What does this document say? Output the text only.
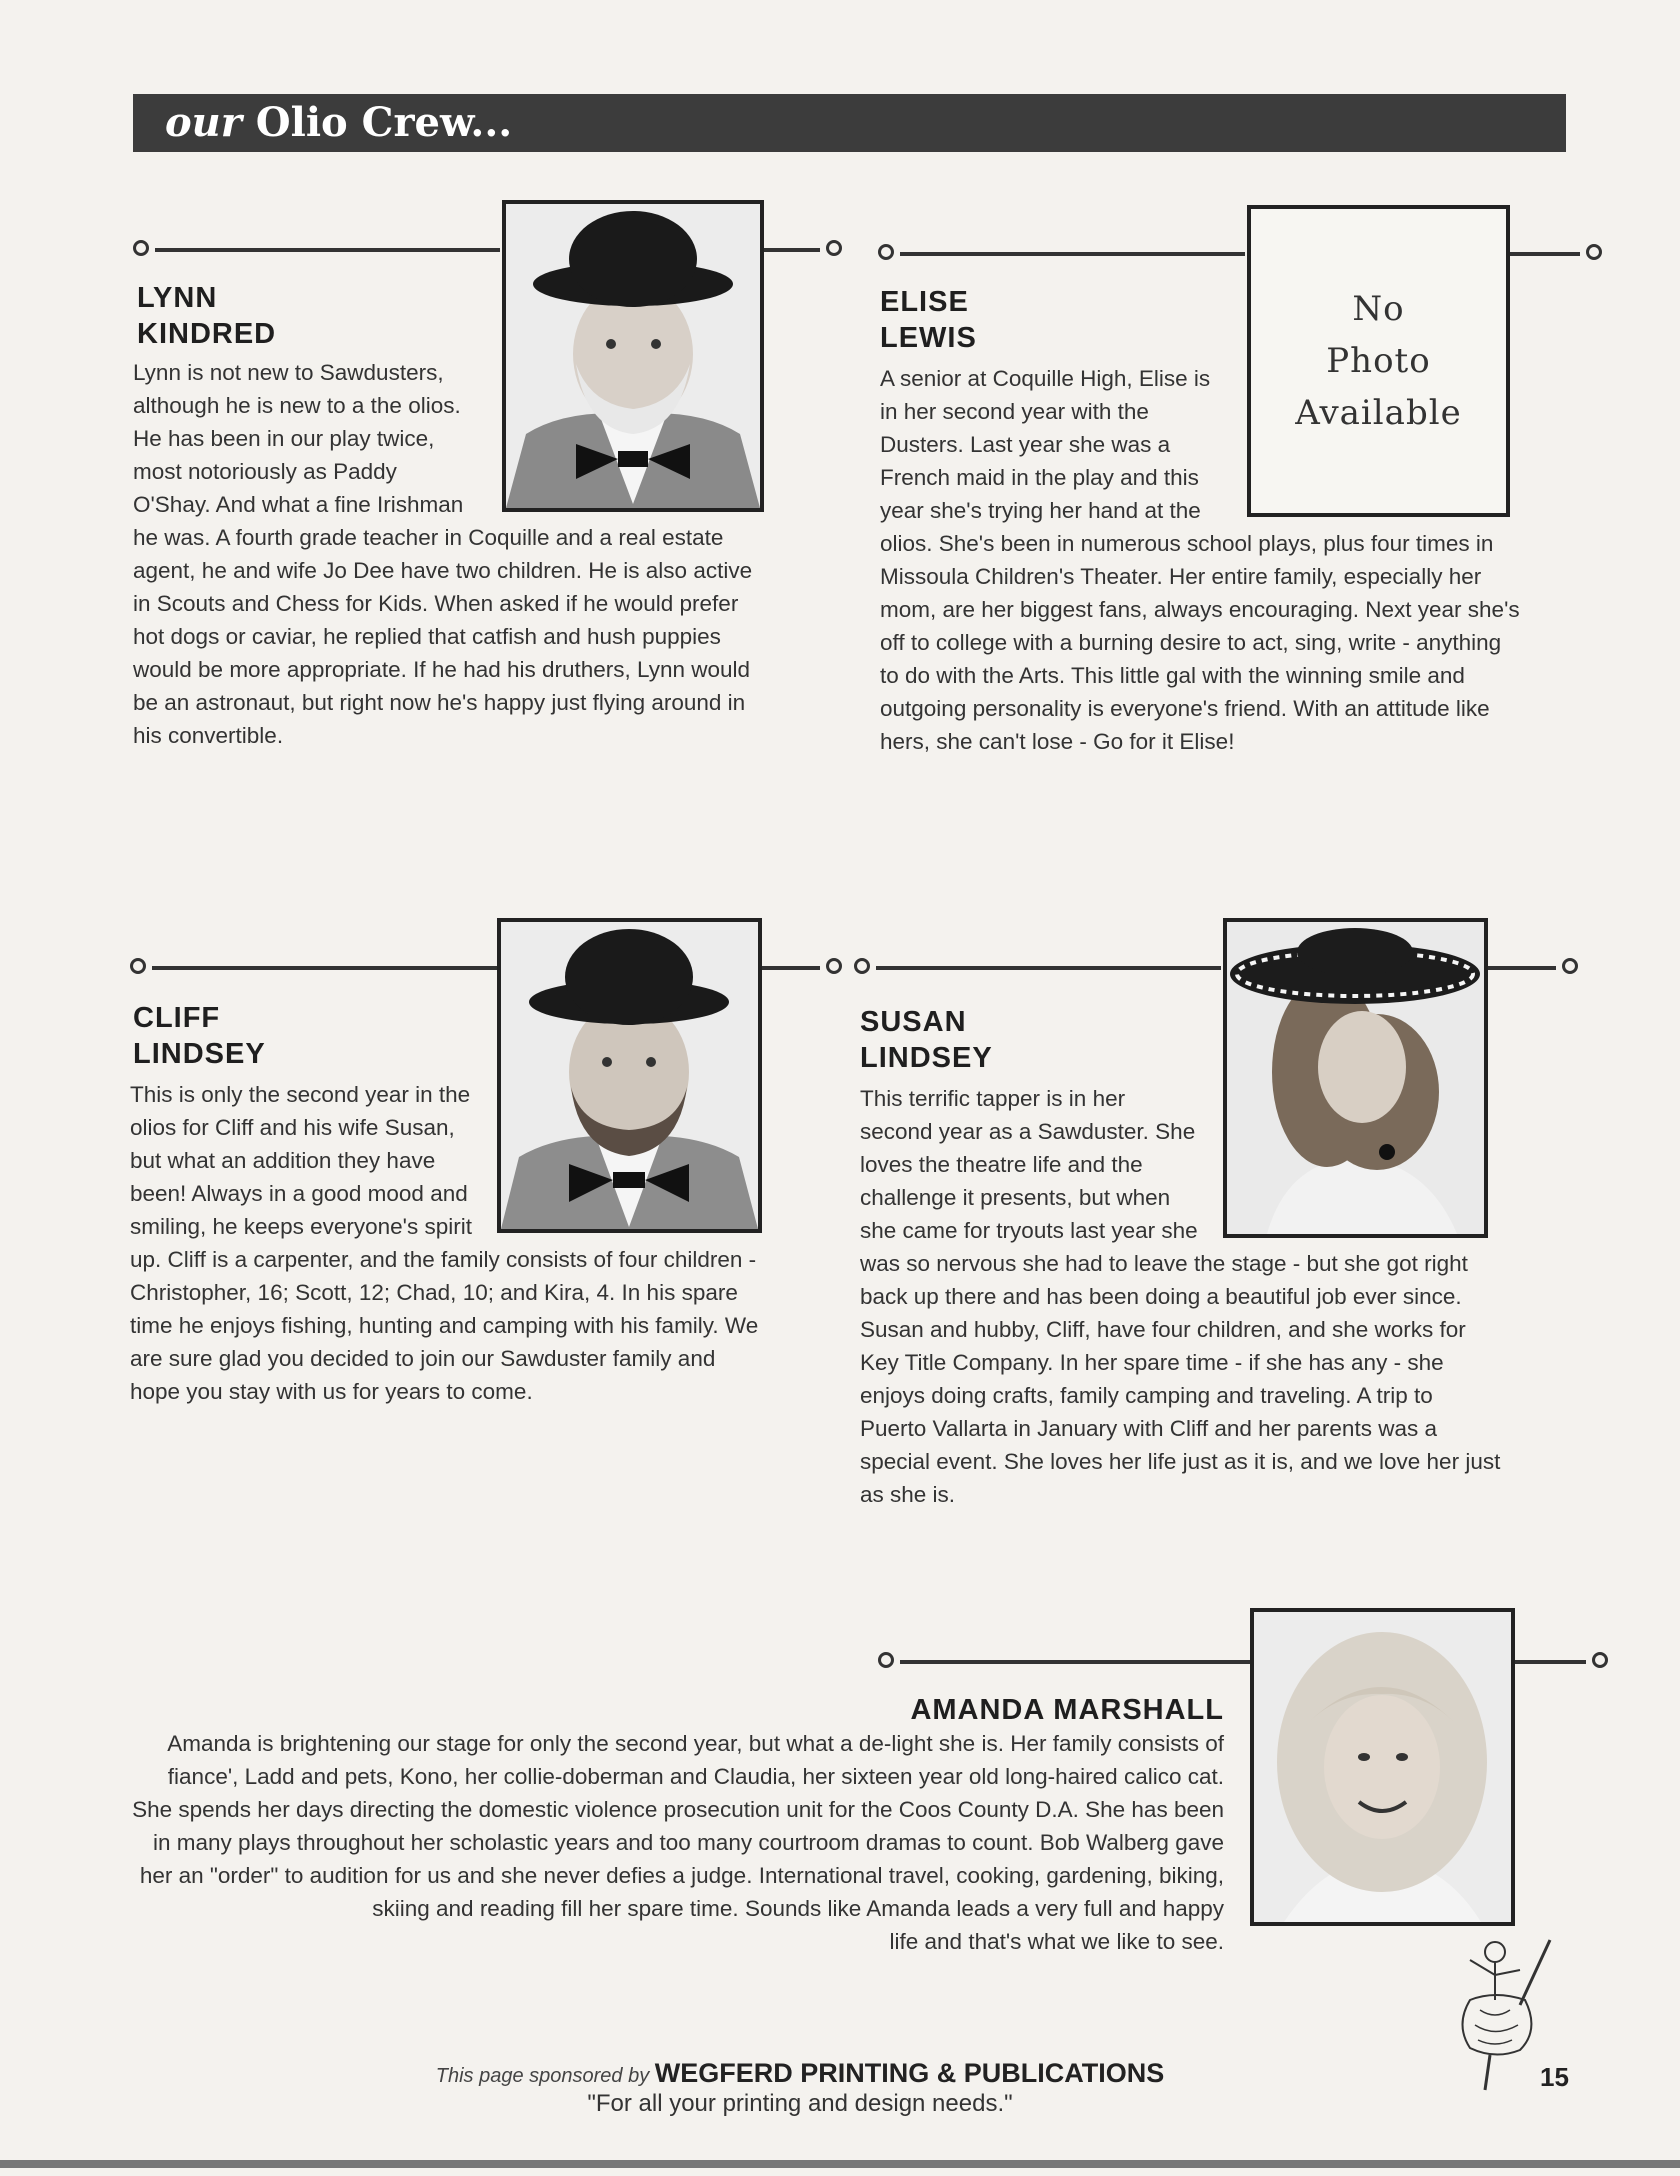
our Olio Crew...
LYNN
KINDRED
Lynn is not new to Sawdusters,
although he is new to a the olios.
He has been in our play twice,
most notoriously as Paddy
O'Shay. And what a fine Irishman
he was. A fourth grade teacher in Coquille and a real estate
agent, he and wife Jo Dee have two children. He is also active
in Scouts and Chess for Kids. When asked if he would prefer
hot dogs or caviar, he replied that catfish and hush puppies
would be more appropriate. If he had his druthers, Lynn would
be an astronaut, but right now he's happy just flying around in
his convertible.
No
Photo
Available
ELISE
LEWIS
A senior at Coquille High, Elise is
in her second year with the
Dusters. Last year she was a
French maid in the play and this
year she's trying her hand at the
olios. She's been in numerous school plays, plus four times in
Missoula Children's Theater. Her entire family, especially her
mom, are her biggest fans, always encouraging. Next year she's
off to college with a burning desire to act, sing, write - anything
to do with the Arts. This little gal with the winning smile and
outgoing personality is everyone's friend. With an attitude like
hers, she can't lose - Go for it Elise!
CLIFF
LINDSEY
This is only the second year in the
olios for Cliff and his wife Susan,
but what an addition they have
been! Always in a good mood and
smiling, he keeps everyone's spirit
up. Cliff is a carpenter, and the family consists of four children -
Christopher, 16; Scott, 12; Chad, 10; and Kira, 4. In his spare
time he enjoys fishing, hunting and camping with his family. We
are sure glad you decided to join our Sawduster family and
hope you stay with us for years to come.
SUSAN
LINDSEY
This terrific tapper is in her
second year as a Sawduster. She
loves the theatre life and the
challenge it presents, but when
she came for tryouts last year she
was so nervous she had to leave the stage - but she got right
back up there and has been doing a beautiful job ever since.
Susan and hubby, Cliff, have four children, and she works for
Key Title Company. In her spare time - if she has any - she
enjoys doing crafts, family camping and traveling. A trip to
Puerto Vallarta in January with Cliff and her parents was a
special event. She loves her life just as it is, and we love her just
as she is.
AMANDA MARSHALL
Amanda is brightening our stage for only the second year, but what a de-light she is. Her family consists of
fiance', Ladd and pets, Kono, her collie-doberman and Claudia, her sixteen year old long-haired calico cat.
She spends her days directing the domestic violence prosecution unit for the Coos County D.A. She has been
in many plays throughout her scholastic years and too many courtroom dramas to count. Bob Walberg gave
her an "order" to audition for us and she never defies a judge. International travel, cooking, gardening, biking,
skiing and reading fill her spare time. Sounds like Amanda leads a very full and happy
life and that's what we like to see.
This page sponsored by WEGFERD PRINTING & PUBLICATIONS
"For all your printing and design needs."
15
